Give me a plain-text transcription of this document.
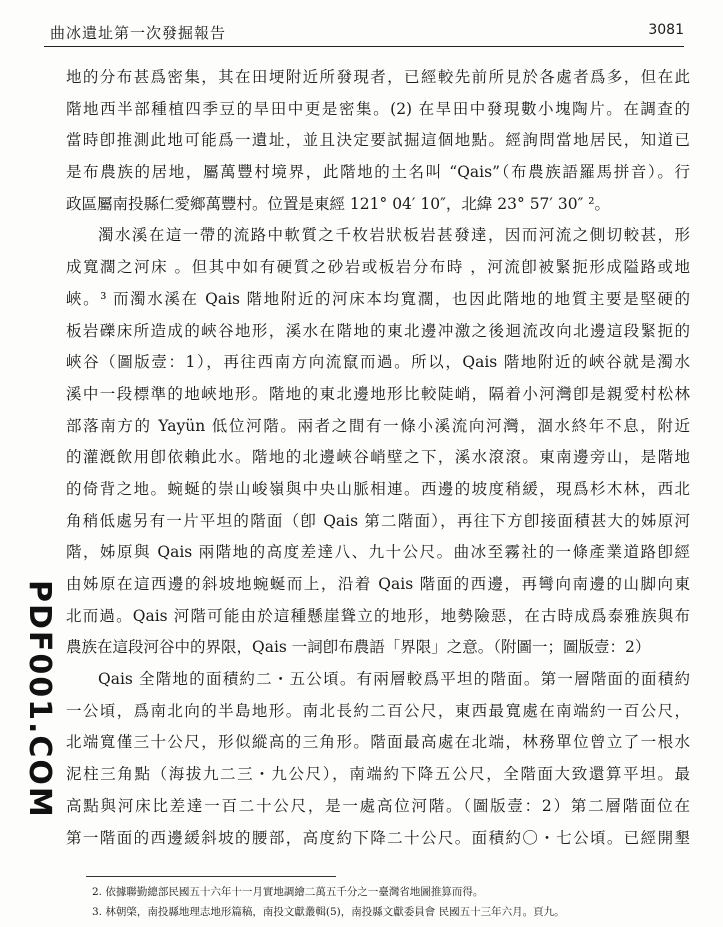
曲冰遺址第一次發掘報告	3081
地的分布甚爲密集，其在田埂附近所發現者，已經較先前所見於各處者爲多，但在此
階地西半部種植四季豆的旱田中更是密集。(2) 在旱田中發現數小塊陶片。在調查的
當時卽推測此地可能爲一遺址，並且決定要試掘這個地點。經詢問當地居民，知道已
是布農族的居地，屬萬豐村境界，此階地的土名叫 “Qais”（布農族語羅馬拼音）。行
政區屬南投縣仁愛鄉萬豐村。位置是東經 121° 04′ 10″，北緯 23° 57′ 30″ ²。
濁水溪在這一帶的流路中軟質之千枚岩狀板岩甚發達，因而河流之側切較甚，形
成寬濶之河床 。但其中如有硬質之砂岩或板岩分布時 ，河流卽被緊扼形成隘路或地
峽。³ 而濁水溪在 Qais 階地附近的河床本均寬濶，也因此階地的地質主要是堅硬的
板岩礫床所造成的峽谷地形，溪水在階地的東北邊冲激之後迴流改向北邊這段緊扼的
峽谷（圖版壹：1），再往西南方向流竄而過。所以，Qais 階地附近的峽谷就是濁水
溪中一段標準的地峽地形。階地的東北邊地形比較陡峭，隔着小河灣卽是親愛村松林
部落南方的 Yayün 低位河階。兩者之間有一條小溪流向河灣，涸水終年不息，附近
的灌漑飲用卽依賴此水。階地的北邊峽谷峭壁之下，溪水滾滾。東南邊旁山，是階地
的倚背之地。蜿蜒的崇山峻嶺與中央山脈相連。西邊的坡度稍緩，現爲杉木林，西北
角稍低處另有一片平坦的階面（卽 Qais 第二階面），再往下方卽接面積甚大的姊原河
階，姊原與 Qais 兩階地的高度差達八、九十公尺。曲冰至霧社的一條產業道路卽經
由姊原在這西邊的斜坡地蜿蜒而上，沿着 Qais 階面的西邊，再彎向南邊的山脚向東
北而過。Qais 河階可能由於這種懸崖聳立的地形，地勢險惡，在古時成爲泰雅族與布
農族在這段河谷中的界限，Qais 一詞卽布農語「界限」之意。（附圖一；圖版壹：2）
Qais 全階地的面積約二・五公頃。有兩層較爲平坦的階面。第一層階面的面積約
一公頃，爲南北向的半島地形。南北長約二百公尺，東西最寬處在南端約一百公尺，
北端寬僅三十公尺，形似縱高的三角形。階面最高處在北端，林務單位曾立了一根水
泥柱三角點（海拔九二三・九公尺），南端約下降五公尺，全階面大致還算平坦。最
高點與河床比差達一百二十公尺，是一處高位河階。（圖版壹：2）第二層階面位在
第一階面的西邊緩斜坡的腰部，高度約下降二十公尺。面積約〇・七公頃。已經開墾
2. 依據聯勤總部民國五十六年十一月實地調繪二萬五千分之一臺灣省地圖推算而得。
3. 林朝棨，南投縣地理志地形篇稿，南投文獻叢輯(5)，南投縣文獻委員會 民國五十三年六月。頁九。
PDF001.COM
